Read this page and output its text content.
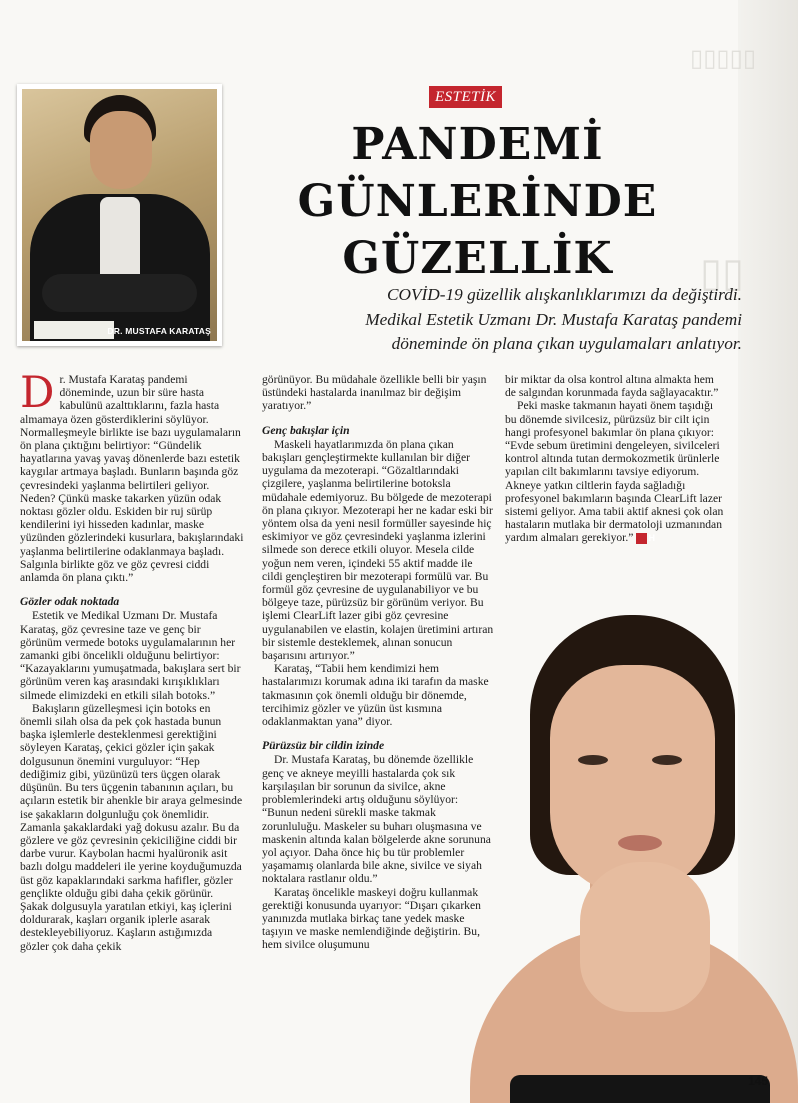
▯▯▯▯▯
▯▯
DR. MUSTAFA KARATAŞ
ESTETİK
PANDEMİ
GÜNLERİNDE
GÜZELLİK
COVİD-19 güzellik alışkanlıklarımızı da değiştirdi.
Medikal Estetik Uzmanı Dr. Mustafa Karataş pandemi
döneminde ön plana çıkan uygulamaları anlatıyor.

Dr. Mustafa Karataş pandemi döneminde, uzun bir süre hasta kabulünü azalttıklarını, fazla hasta almamaya özen gösterdiklerini söylüyor. Normalleşmeyle birlikte ise bazı uygulamaların ön plana çıktığını belirtiyor: “Gündelik hayatlarına yavaş yavaş dönenlerde bazı estetik kaygılar artmaya başladı. Bunların başında göz çevresindeki yaşlanma belirtileri geliyor. Neden? Çünkü maske takarken yüzün odak noktası gözler oldu. Eskiden bir ruj sürüp kendilerini iyi hisseden kadınlar, maske yüzünden gözlerindeki kusurlara, bakışlarındaki yaşlanma belirtilerine odaklanmaya başladı. Salgınla birlikte göz ve göz çevresi ciddi anlamda ön plana çıktı.”

Gözler odak noktada

Estetik ve Medikal Uzmanı Dr. Mustafa Karataş, göz çevresine taze ve genç bir görünüm vermede botoks uygulamalarının her zamanki gibi öncelikli olduğunu belirtiyor: “Kazayaklarını yumuşatmada, bakışlara sert bir görünüm veren kaş arasındaki kırışıklıkları silmede elimizdeki en etkili silah botoks.”

Bakışların güzelleşmesi için botoks en önemli silah olsa da pek çok hastada bunun başka işlemlerle desteklenmesi gerektiğini söyleyen Karataş, çekici gözler için şakak dolgusunun önemini vurguluyor: “Hep dediğimiz gibi, yüzünüzü ters üçgen olarak düşünün. Bu ters üçgenin tabanının açıları, bu açıların estetik bir ahenkle bir araya gelmesinde ise şakakların dolgunluğu çok önemlidir. Zamanla şakaklardaki yağ dokusu azalır. Bu da gözlere ve göz çevresinin çekiciliğine ciddi bir darbe vurur. Kaybolan hacmi hyalüronik asit bazlı dolgu maddeleri ile yerine koyduğumuzda üst göz kapaklarındaki sarkma hafifler, gözler gençlikte olduğu gibi daha çekik görünür. Şakak dolgusuyla yaratılan etkiyi, kaş içlerini doldurarak, kaşları organik iplerle asarak destekleyebiliyoruz. Kaşların astığımızda gözler çok daha çekik

görünüyor. Bu müdahale özellikle belli bir yaşın üstündeki hastalarda inanılmaz bir değişim yaratıyor.”

Genç bakışlar için

Maskeli hayatlarımızda ön plana çıkan bakışları gençleştirmekte kullanılan bir diğer uygulama da mezoterapi. “Gözaltlarındaki çizgilere, yaşlanma belirtilerine botoksla müdahale edemiyoruz. Bu bölgede de mezoterapi ön plana çıkıyor. Mezoterapi her ne kadar eski bir yöntem olsa da yeni nesil formüller sayesinde hiç eskimiyor ve göz çevresindeki yaşlanma izlerini silmede son derece etkili oluyor. Mesela cilde yoğun nem veren, içindeki 55 aktif madde ile cildi gençleştiren bir mezoterapi formülü var. Bu formül göz çevresine de uygulanabiliyor ve bu bölgeye taze, pürüzsüz bir görünüm veriyor. Bu işlemi ClearLift lazer gibi göz çevresine uygulanabilen ve elastin, kolajen üretimini artıran bir sistemle desteklemek, alınan sonucun başarısını artırıyor.”

Karataş, “Tabii hem kendimizi hem hastalarımızı korumak adına iki tarafın da maske takmasının çok önemli olduğu bir dönemde, tercihimiz gözler ve yüzün üst kısmına odaklanmaktan yana” diyor.

Pürüzsüz bir cildin izinde

Dr. Mustafa Karataş, bu dönemde özellikle genç ve akneye meyilli hastalarda çok sık karşılaşılan bir sorunun da sivilce, akne problemlerindeki artış olduğunu söylüyor: “Bunun nedeni sürekli maske takmak zorunluluğu. Maskeler su buharı oluşmasına ve maskenin altında kalan bölgelerde akne sorununa yol açıyor. Daha önce hiç bu tür problemler yaşamamış olanlarda bile akne, sivilce ve siyah noktalara rastlanır oldu.”

Karataş öncelikle maskeyi doğru kullanmak gerektiği konusunda uyarıyor: “Dışarı çıkarken yanınızda mutlaka birkaç tane yedek maske taşıyın ve maske nemlendiğinde değiştirin. Bu, hem sivilce oluşumunu

bir miktar da olsa kontrol altına almakta hem de salgından korunmada fayda sağlayacaktır.”

Peki maske takmanın hayati önem taşıdığı bu dönemde sivilcesiz, pürüzsüz bir cilt için hangi profesyonel bakımlar ön plana çıkıyor: “Evde sebum üretimini dengeleyen, sivilceleri kontrol altında tutan dermokozmetik ürünlerle yapılan cilt bakımlarını tavsiye ediyorum. Akneye yatkın ciltlerin fayda sağladığı profesyonel bakımların başında ClearLift lazer sistemi geliyor. Ama tabii aktif aknesi çok olan hastaların mutlaka bir dermatoloji uzmanından yardım almaları gerekiyor.” H

145
